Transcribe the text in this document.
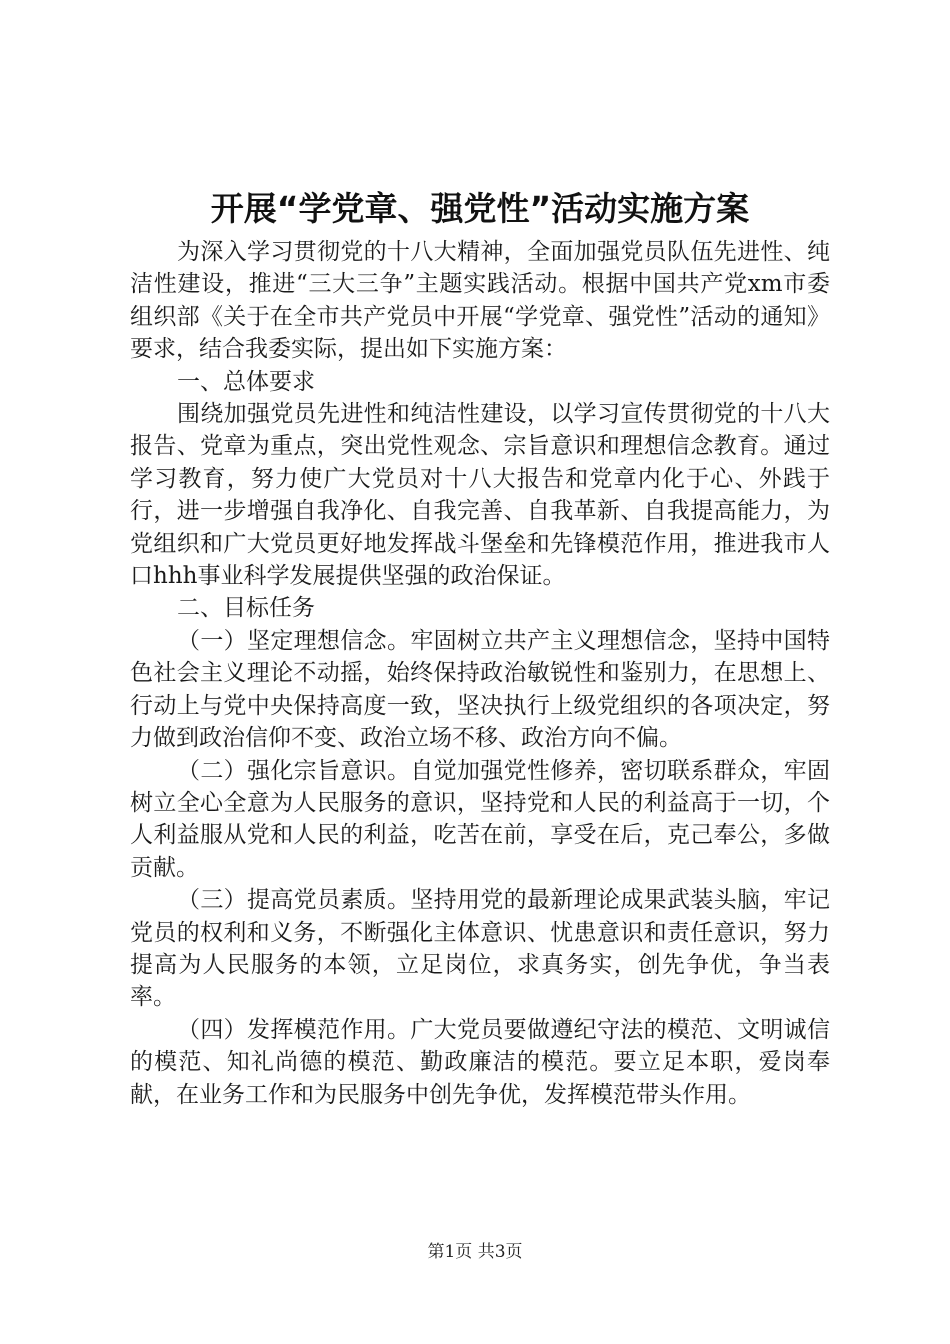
开展“学党章、强党性”活动实施方案

为深入学习贯彻党的十八大精神，全面加强党员队伍先进性、纯洁性建设，推进“三大三争”主题实践活动。根据中国共产党xm市委组织部《关于在全市共产党员中开展“学党章、强党性”活动的通知》要求，结合我委实际，提出如下实施方案：

一、总体要求

围绕加强党员先进性和纯洁性建设，以学习宣传贯彻党的十八大报告、党章为重点，突出党性观念、宗旨意识和理想信念教育。通过学习教育，努力使广大党员对十八大报告和党章内化于心、外践于行，进一步增强自我净化、自我完善、自我革新、自我提高能力，为党组织和广大党员更好地发挥战斗堡垒和先锋模范作用，推进我市人口hhh事业科学发展提供坚强的政治保证。

二、目标任务

（一）坚定理想信念。牢固树立共产主义理想信念，坚持中国特色社会主义理论不动摇，始终保持政治敏锐性和鉴别力，在思想上、行动上与党中央保持高度一致，坚决执行上级党组织的各项决定，努力做到政治信仰不变、政治立场不移、政治方向不偏。

（二）强化宗旨意识。自觉加强党性修养，密切联系群众，牢固树立全心全意为人民服务的意识，坚持党和人民的利益高于一切，个人利益服从党和人民的利益，吃苦在前，享受在后，克己奉公，多做贡献。

（三）提高党员素质。坚持用党的最新理论成果武装头脑，牢记党员的权利和义务，不断强化主体意识、忧患意识和责任意识，努力提高为人民服务的本领，立足岗位，求真务实，创先争优，争当表率。

（四）发挥模范作用。广大党员要做遵纪守法的模范、文明诚信的模范、知礼尚德的模范、勤政廉洁的模范。要立足本职，爱岗奉献，在业务工作和为民服务中创先争优，发挥模范带头作用。

第1页 共3页
